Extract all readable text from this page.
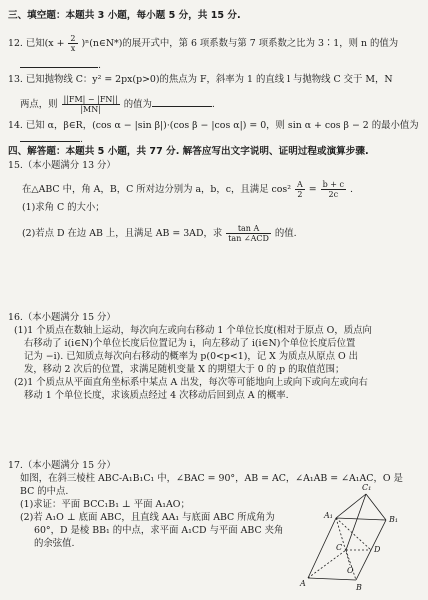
三、填空题：本题共 3 小题，每小题 5 分，共 15 分.
12. 已知($x + \frac{2}{x}$ )ⁿ(n∈N*)的展开式中，第 6 项系数与第 7 项系数之比为 3∶1，则 n 的值为
.
13. 已知抛物线 C：y² = 2px(p>0)的焦点为 F，斜率为 1 的直线 l 与抛物线 C 交于 M，N
两点，则 $\frac{||FM| - |FN||}{|MN|}$ 的值为	.
14. 已知 α，β∈R，(cos α − |sin β|)·(cos β − |cos α|) = 0，则 sin α + cos β − 2 的最小值为
.
四、解答题：本题共 5 小题，共 77 分. 解答应写出文字说明、证明过程或演算步骤.
15.（本小题满分 13 分）
在△ABC 中，角 A，B，C 所对边分别为 a，b，c，且满足 $\cos^2 \frac{A}{2} = \frac{b + c}{2c}$ .
(1)求角 C 的大小；
(2)若点 D 在边 AB 上，且满足 AB = 3AD，求 $\frac{\text{tan A}}{\text{tan ∠ACD}}$ 的值.
16.（本小题满分 15 分）
(1)1 个质点在数轴上运动，每次向左或向右移动 1 个单位长度(相对于原点 O，质点向
右移动了 i(i∈N)个单位长度后位置记为 i，向左移动了 i(i∈N)个单位长度后位置
记为 −i). 已知质点每次向右移动的概率为 p(0<p<1)，记 X 为质点从原点 O 出
发，移动 2 次后的位置，求满足随机变量 X 的期望大于 0 的 p 的取值范围；
(2)1 个质点从平面直角坐标系中某点 A 出发，每次等可能地向上或向下或向左或向右
移动 1 个单位长度，求该质点经过 4 次移动后回到点 A 的概率.
17.（本小题满分 15 分）
如图，在斜三棱柱 ABC-A₁B₁C₁ 中，∠BAC = 90°，AB = AC，∠A₁AB = ∠A₁AC，O 是
BC 的中点.
(1)求证：平面 BCC₁B₁ ⊥ 平面 A₁AO；
(2)若 A₁O ⊥ 底面 ABC，且直线 AA₁ 与底面 ABC 所成角为
60°，D 是棱 BB₁ 的中点，求平面 A₁CD 与平面 ABC 夹角
的余弦值.
A₁
C₁
B₁
C	D
O
A	B
